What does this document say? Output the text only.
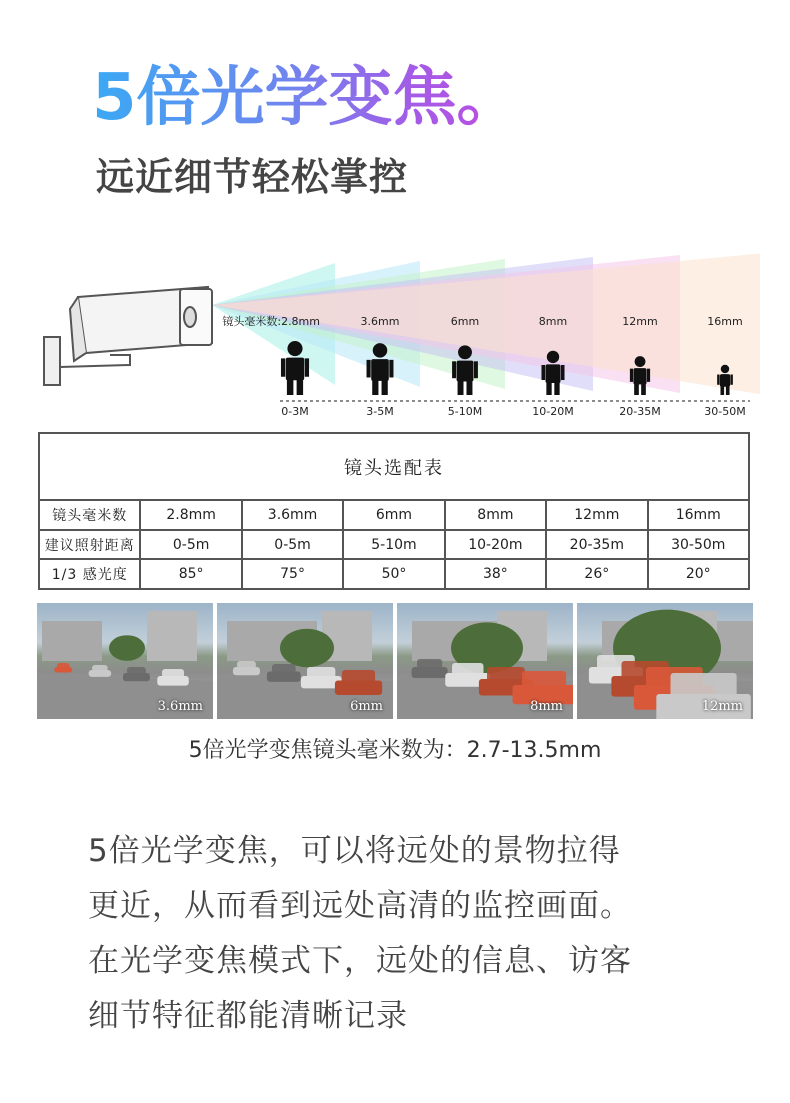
5倍光学变焦。
远近细节轻松掌控
镜头毫米数:2.8mm	3.6mm	6mm	8mm	12mm	16mm
0-3M	3-5M	5-10M	10-20M	20-35M	30-50M
镜头选配表						
镜头毫米数	2.8mm	3.6mm	6mm	8mm	12mm	16mm
建议照射距离	0-5m	0-5m	5-10m	10-20m	20-35m	30-50m
1/3 感光度	85°	75°	50°	38°	26°	20°
3.6mm	6mm	8mm	12mm
5倍光学变焦镜头毫米数为：2.7-13.5mm

5倍光学变焦，可以将远处的景物拉得

更近，从而看到远处高清的监控画面。

在光学变焦模式下，远处的信息、访客

细节特征都能清晰记录
